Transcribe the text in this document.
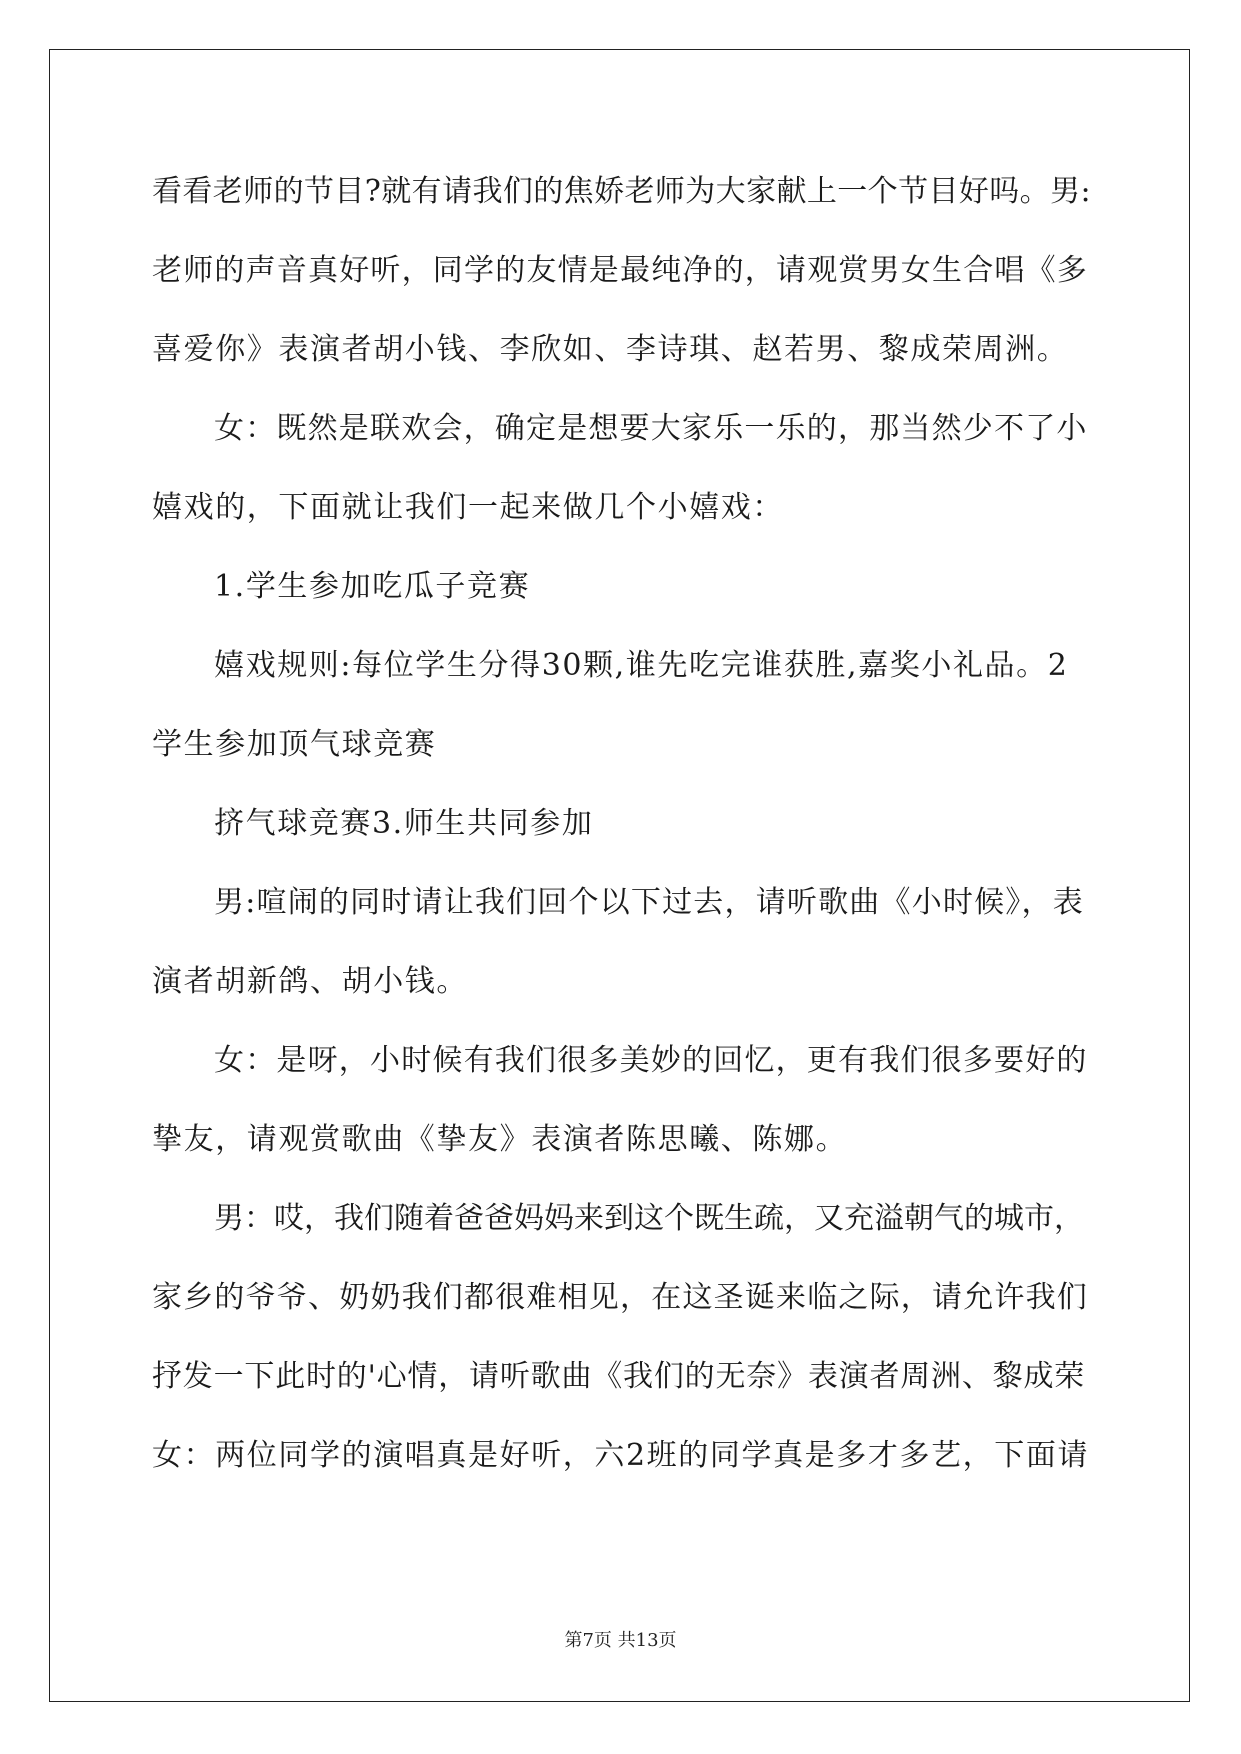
看看老师的节目?就有请我们的焦娇老师为大家献上一个节目好吗。男:
老师的声音真好听，同学的友情是最纯净的，请观赏男女生合唱《多
喜爱你》表演者胡小钱、李欣如、李诗琪、赵若男、黎成荣周洲。
女：既然是联欢会，确定是想要大家乐一乐的，那当然少不了小
嬉戏的，下面就让我们一起来做几个小嬉戏：
1.学生参加吃瓜子竞赛
嬉戏规则:每位学生分得30颗,谁先吃完谁获胜,嘉奖小礼品。2
学生参加顶气球竞赛
挤气球竞赛3.师生共同参加
男:喧闹的同时请让我们回个以下过去，请听歌曲《小时候》，表
演者胡新鸽、胡小钱。
女：是呀，小时候有我们很多美妙的回忆，更有我们很多要好的
挚友，请观赏歌曲《挚友》表演者陈思曦、陈娜。
男：哎，我们随着爸爸妈妈来到这个既生疏，又充溢朝气的城市，
家乡的爷爷、奶奶我们都很难相见，在这圣诞来临之际，请允许我们
抒发一下此时的'心情，请听歌曲《我们的无奈》表演者周洲、黎成荣
女：两位同学的演唱真是好听，六2班的同学真是多才多艺，下面请
第7页 共13页
